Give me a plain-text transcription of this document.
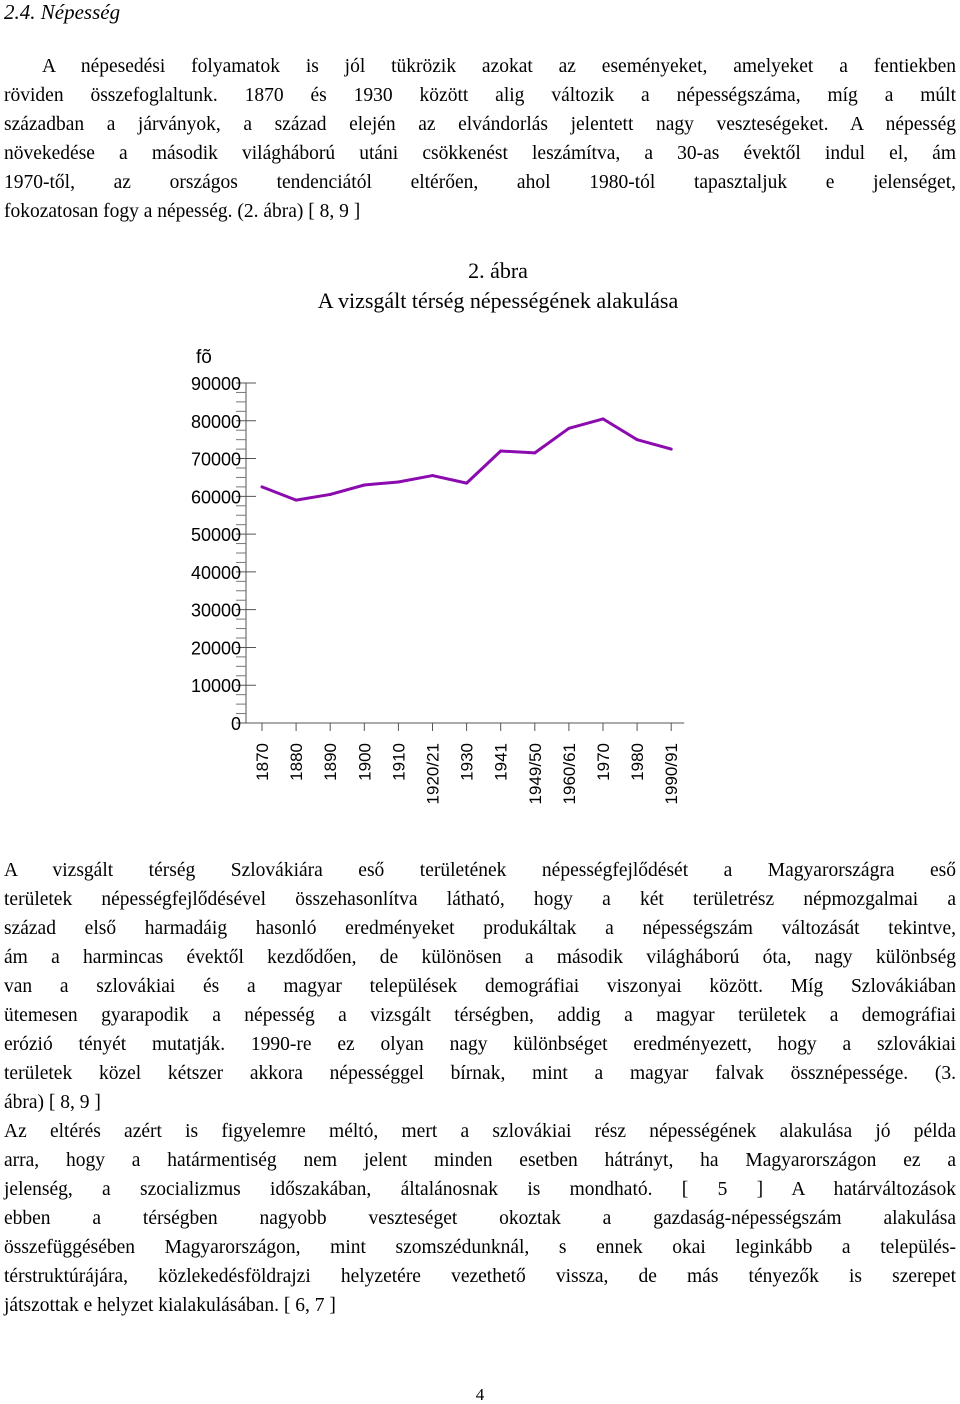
2.4. Népesség
A népesedési folyamatok is jól tükrözik azokat az eseményeket, amelyeket a fentiekben
röviden összefoglaltunk. 1870 és 1930 között alig változik a népességszáma, míg a múlt
században a járványok, a század elején az elvándorlás jelentett nagy veszteségeket. A népesség
növekedése a második világháború utáni csökkenést leszámítva, a 30-as évektől indul el, ám
1970-től, az országos tendenciától eltérően, ahol 1980-tól tapasztaljuk e jelenséget,
fokozatosan fogy a népesség. (2. ábra) [ 8, 9 ]
2. ábra
A vizsgált térség népességének alakulása
fõ
0
10000
20000
30000
40000
50000
60000
70000
80000
90000
1870 1880 1890 1900 1910 1920/21 1930 1941 1949/50 1960/61 1970 1980 1990/91
A vizsgált térség Szlovákiára eső területének népességfejlődését a Magyarországra eső
területek népességfejlődésével összehasonlítva látható, hogy a két területrész népmozgalmai a
század első harmadáig hasonló eredményeket produkáltak a népességszám változását tekintve,
ám a harmincas évektől kezdődően, de különösen a második világháború óta, nagy különbség
van a szlovákiai és a magyar települések demográfiai viszonyai között. Míg Szlovákiában
ütemesen gyarapodik a népesség a vizsgált térségben, addig a magyar területek a demográfiai
erózió tényét mutatják. 1990-re ez olyan nagy különbséget eredményezett, hogy a szlovákiai
területek közel kétszer akkora népességgel bírnak, mint a magyar falvak össznépessége. (3.
ábra) [ 8, 9 ]
Az eltérés azért is figyelemre méltó, mert a szlovákiai rész népességének alakulása jó példa
arra, hogy a határmentiség nem jelent minden esetben hátrányt, ha Magyarországon ez a
jelenség, a szocializmus időszakában, általánosnak is mondható. [ 5 ] A határváltozások
ebben a térségben nagyobb veszteséget okoztak a gazdaság-népességszám alakulása
összefüggésében Magyarországon, mint szomszédunknál, s ennek okai leginkább a település-
térstruktúrájára, közlekedésföldrajzi helyzetére vezethető vissza, de más tényezők is szerepet
játszottak e helyzet kialakulásában. [ 6, 7 ]
4
